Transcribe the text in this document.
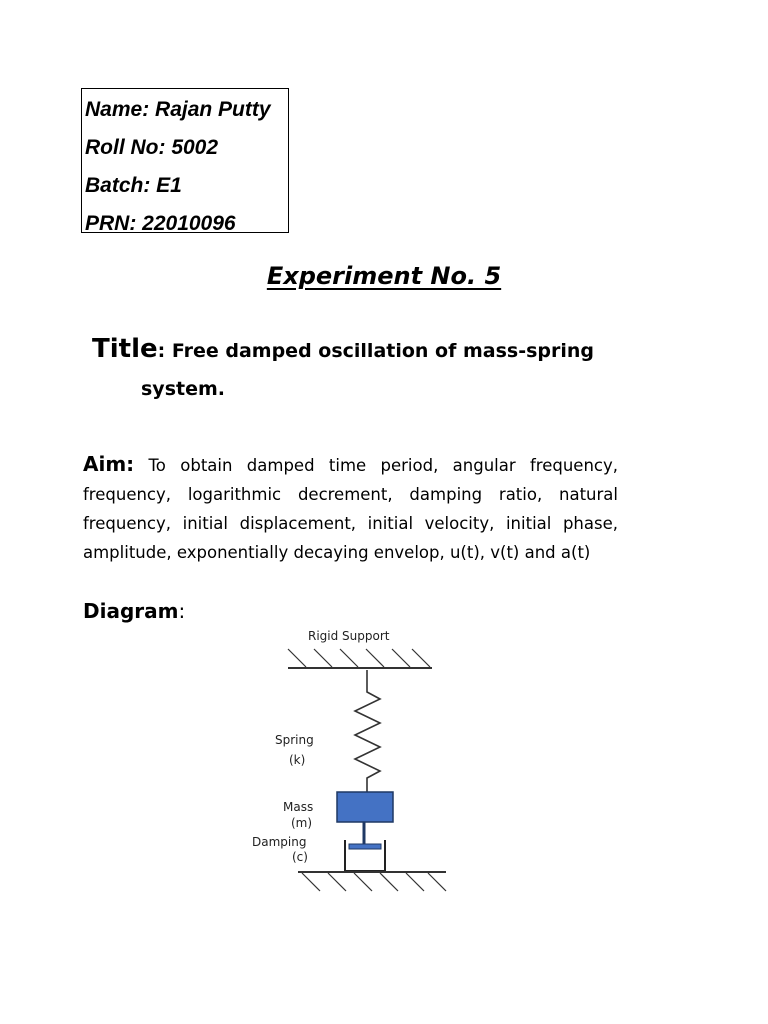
Name: Rajan Putty
Roll No: 5002
Batch: E1
PRN: 22010096
Experiment No. 5
Title: Free damped oscillation of mass-spring
system.
Aim: To obtain damped time period, angular frequency, frequency, logarithmic decrement, damping ratio, natural frequency, initial displacement, initial velocity, initial phase, amplitude, exponentially decaying envelop, u(t), v(t) and a(t)
Diagram:
Rigid Support
Spring
(k)
Mass
(m)
Damping
(c)
